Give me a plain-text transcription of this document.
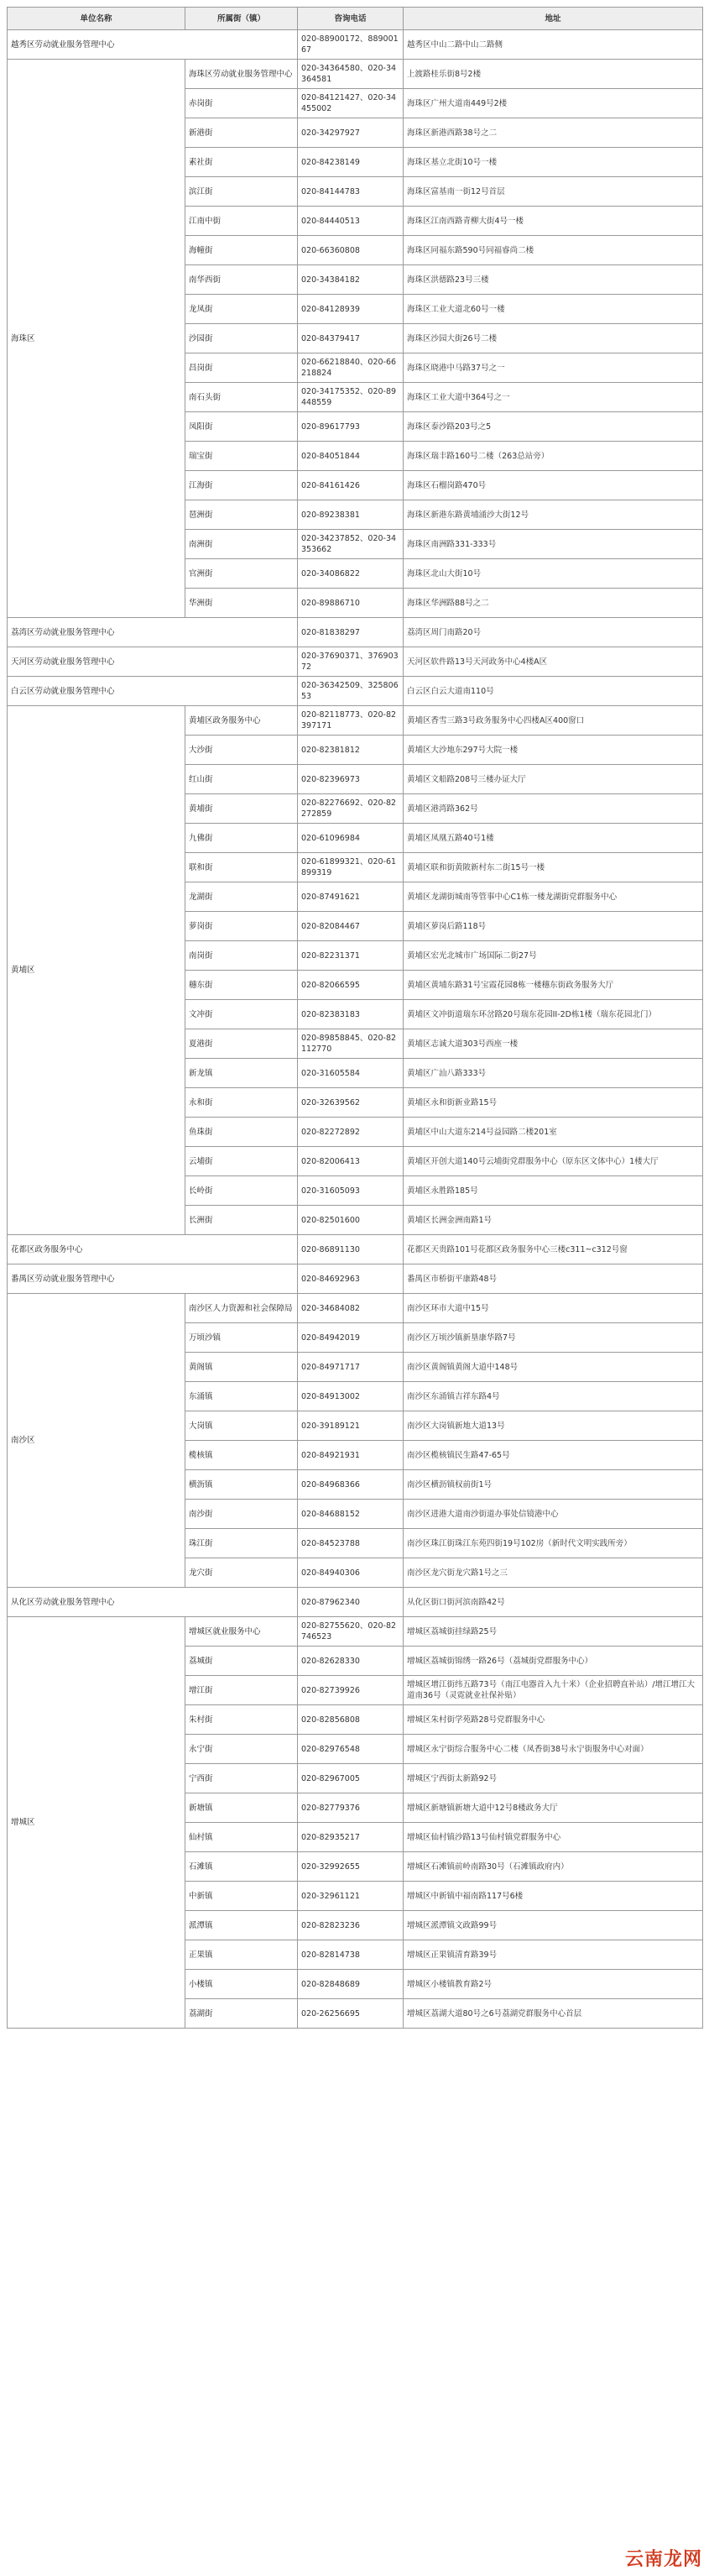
单位名称	所属街（镇）	咨询电话	地址
越秀区劳动就业服务管理中心		020-88900172、88900167	越秀区中山二路中山二路侧
海珠区	海珠区劳动就业服务管理中心	020-34364580、020-34364581	上渡路桂乐街8号2楼
	赤岗街	020-84121427、020-34455002	海珠区广州大道南449号2楼
	新港街	020-34297927	海珠区新港西路38号之二
	素社街	020-84238149	海珠区基立北街10号一楼
	滨江街	020-84144783	海珠区富基南一街12号首层
	江南中街	020-84440513	海珠区江南西路青柳大街4号一楼
	海幢街	020-66360808	海珠区同福东路590号同福睿尚二楼
	南华西街	020-34384182	海珠区洪德路23号三楼
	龙凤街	020-84128939	海珠区工业大道北60号一楼
	沙园街	020-84379417	海珠区沙园大街26号二楼
	昌岗街	020-66218840、020-66218824	海珠区晓港中马路37号之一
	南石头街	020-34175352、020-89448559	海珠区工业大道中364号之一
	凤阳街	020-89617793	海珠区泰沙路203号之5
	瑞宝街	020-84051844	海珠区瑞丰路160号二楼（263总站旁）
	江海街	020-84161426	海珠区石榴岗路470号
	琶洲街	020-89238381	海珠区新港东路黄埔涌沙大街12号
	南洲街	020-34237852、020-34353662	海珠区南洲路331-333号
	官洲街	020-34086822	海珠区北山大街10号
	华洲街	020-89886710	海珠区华洲路88号之二
荔湾区劳动就业服务管理中心		020-81838297	荔湾区周门南路20号
天河区劳动就业服务管理中心		020-37690371、37690372	天河区软件路13号天河政务中心4楼A区
白云区劳动就业服务管理中心		020-36342509、32580653	白云区白云大道南110号
黄埔区	黄埔区政务服务中心	020-82118773、020-82397171	黄埔区香雪三路3号政务服务中心四楼A区400窗口
	大沙街	020-82381812	黄埔区大沙地东297号大院一楼
	红山街	020-82396973	黄埔区文船路208号三楼办证大厅
	黄埔街	020-82276692、020-82272859	黄埔区港湾路362号
	九佛街	020-61096984	黄埔区凤凰五路40号1楼
	联和街	020-61899321、020-61899319	黄埔区联和街黄陂新村东二街15号一楼
	龙湖街	020-87491621	黄埔区龙湖街城南等管事中心C1栋一楼龙湖街党群服务中心
	萝岗街	020-82084467	黄埔区萝岗后路118号
	南岗街	020-82231371	黄埔区宏光北城市广场国际二街27号
	穗东街	020-82066595	黄埔区黄埔东路31号宝霞花园8栋一楼穗东街政务服务大厅
	文冲街	020-82383183	黄埔区文冲街道瑞东环岔路20号瑞东花园II-2D栋1楼（瑞东花园北门）
	夏港街	020-89858845、020-82112770	黄埔区志诚大道303号西座一楼
	新龙镇	020-31605584	黄埔区广汕八路333号
	永和街	020-32639562	黄埔区永和街新业路15号
	鱼珠街	020-82272892	黄埔区中山大道东214号益园路二楼201室
	云埔街	020-82006413	黄埔区开创大道140号云埔街党群服务中心（原东区文体中心）1楼大厅
	长岭街	020-31605093	黄埔区永胜路185号
	长洲街	020-82501600	黄埔区长洲金洲南路1号
花都区政务服务中心		020-86891130	花都区天贵路101号花都区政务服务中心三楼c311~c312号窗
番禺区劳动就业服务管理中心		020-84692963	番禺区市桥街平康路48号
南沙区	南沙区人力资源和社会保障局	020-34684082	南沙区环市大道中15号
	万顷沙镇	020-84942019	南沙区万顷沙镇新垦康华路7号
	黄阁镇	020-84971717	南沙区黄阁镇黄阁大道中148号
	东涌镇	020-84913002	南沙区东涌镇吉祥东路4号
	大岗镇	020-39189121	南沙区大岗镇新地大道13号
	榄核镇	020-84921931	南沙区榄核镇民生路47-65号
	横沥镇	020-84968366	南沙区横沥镇权前街1号
	南沙街	020-84688152	南沙区进港大道南沙街道办事处信镜港中心
	珠江街	020-84523788	南沙区珠江街珠江东苑四街19号102房（新时代文明实践所旁）
	龙穴街	020-84940306	南沙区龙穴街龙穴路1号之三
从化区劳动就业服务管理中心		020-87962340	从化区街口街河滨南路42号
增城区	增城区就业服务中心	020-82755620、020-82746523	增城区荔城街挂绿路25号
	荔城街	020-82628330	增城区荔城街锦绣一路26号（荔城街党群服务中心）
	增江街	020-82739926	增城区增江街纬五路73号（南江电器首入九十米）（企业招聘直补站）/增江增江大道南36号（灵霓就业社保补贴）
	朱村街	020-82856808	增城区朱村街学苑路28号党群服务中心
	永宁街	020-82976548	增城区永宁街综合服务中心二楼（凤香街38号永宁街服务中心对面）
	宁西街	020-82967005	增城区宁西街太新路92号
	新塘镇	020-82779376	增城区新塘镇新塘大道中12号8楼政务大厅
	仙村镇	020-82935217	增城区仙村镇沙路13号仙村镇党群服务中心
	石滩镇	020-32992655	增城区石滩镇前岭南路30号（石滩镇政府内）
	中新镇	020-32961121	增城区中新镇中福南路117号6楼
	派潭镇	020-82823236	增城区派潭镇文政路99号
	正果镇	020-82814738	增城区正果镇清育路39号
	小楼镇	020-82848689	增城区小楼镇教育路2号
	荔湖街	020-26256695	增城区荔湖大道80号之6号荔湖党群服务中心首层
云南龙网
